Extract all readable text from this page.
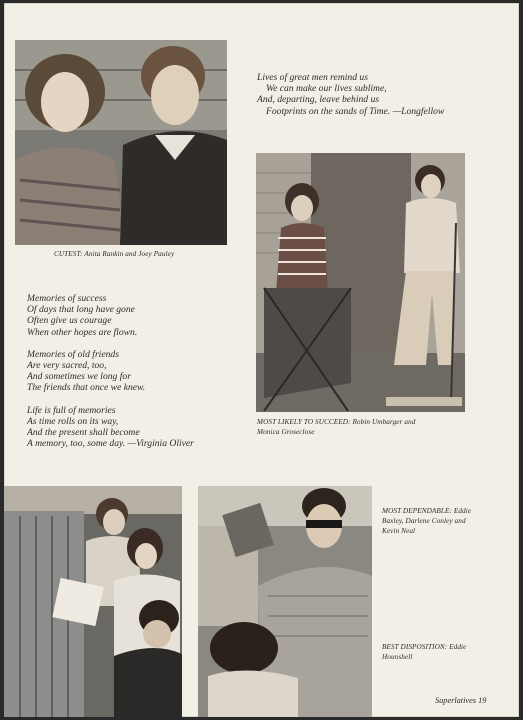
CUTEST: Anita Rankin and Joey Pauley
Lives of great men remind us
We can make our lives sublime,
And, departing, leave behind us
Footprints on the sands of Time. —Longfellow
MOST LIKELY TO SUCCEED: Robin Umbarger and
Monica Groseclose
Memories of success
Of days that long have gone
Often give us courage
When other hopes are flown.
Memories of old friends
Are very sacred, too,
And sometimes we long for
The friends that once we knew.
Life is full of memories
As time rolls on its way,
And the present shall become
A memory, too, some day. —Virginia Oliver
MOST DEPENDABLE: Eddie
Baxley, Darlene Conley and
Kevin Neal
BEST DISPOSITION: Eddie
Hounshell
Superlatives 19
